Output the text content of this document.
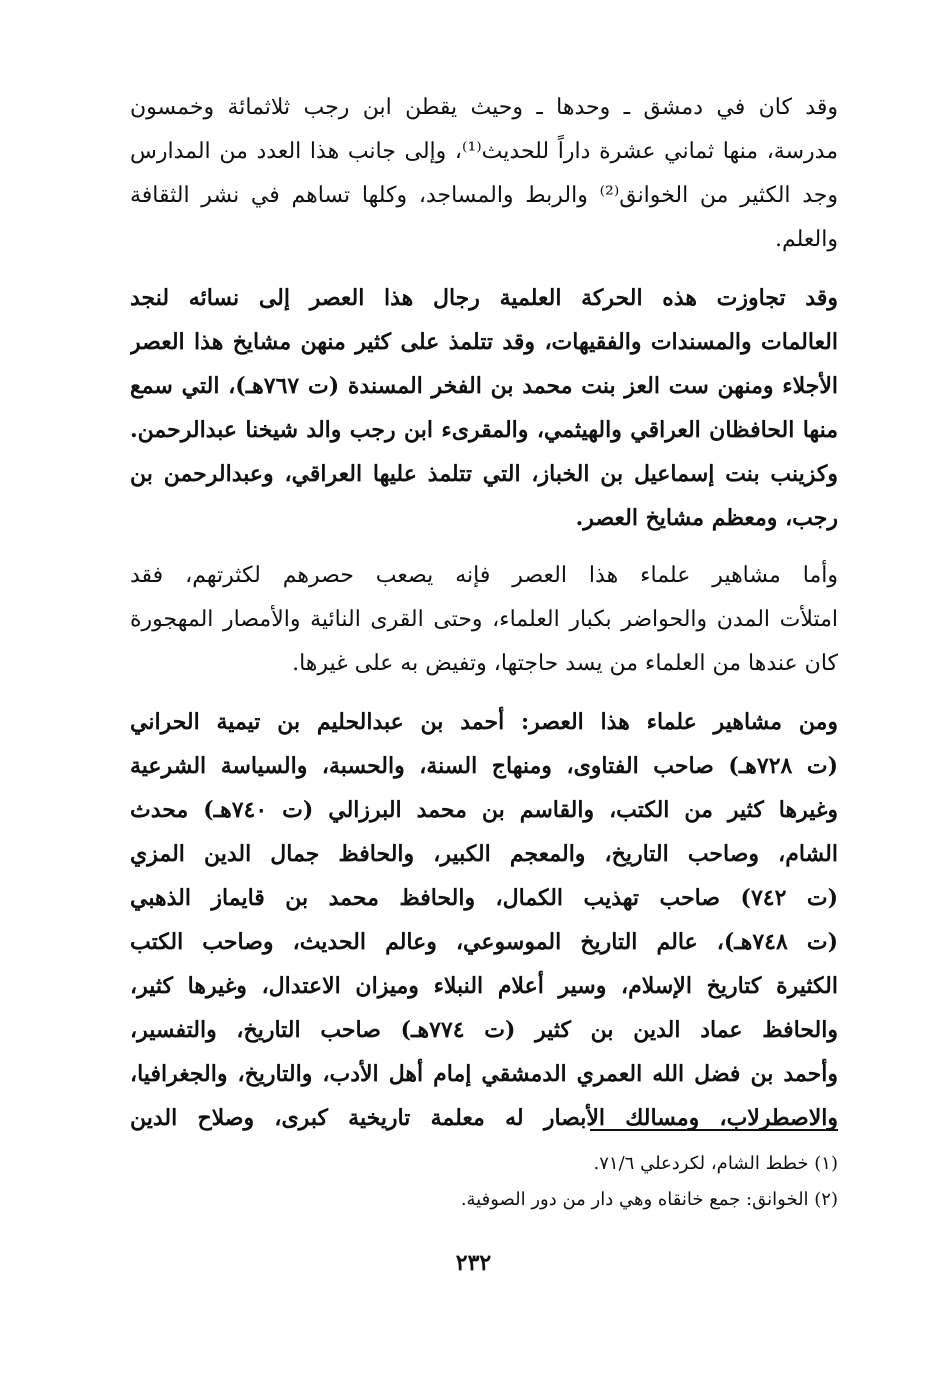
وقد كان في دمشق ـ وحدها ـ وحيث يقطن ابن رجب ثلاثمائة وخمسون
مدرسة، منها ثماني عشرة داراً للحديث⁽¹⁾، وإلى جانب هذا العدد من المدارس
وجد الكثير من الخوانق⁽²⁾ والربط والمساجد، وكلها تساهم في نشر الثقافة
والعلم.
وقد تجاوزت هذه الحركة العلمية رجال هذا العصر إلى نسائه لنجد
العالمات والمسندات والفقيهات، وقد تتلمذ على كثير منهن مشايخ هذا العصر
الأجلاء ومنهن ست العز بنت محمد بن الفخر المسندة (ت ٧٦٧هـ)، التي سمع
منها الحافظان العراقي والهيثمي، والمقرىء ابن رجب والد شيخنا عبدالرحمن.
وكزينب بنت إسماعيل بن الخباز، التي تتلمذ عليها العراقي، وعبدالرحمن بن
رجب، ومعظم مشايخ العصر.
وأما مشاهير علماء هذا العصر فإنه يصعب حصرهم لكثرتهم، فقد
امتلأت المدن والحواضر بكبار العلماء، وحتى القرى النائية والأمصار المهجورة
كان عندها من العلماء من يسد حاجتها، وتفيض به على غيرها.
ومن مشاهير علماء هذا العصر: أحمد بن عبدالحليم بن تيمية الحراني
(ت ٧٢٨هـ) صاحب الفتاوى، ومنهاج السنة، والحسبة، والسياسة الشرعية
وغيرها كثير من الكتب، والقاسم بن محمد البرزالي (ت ٧٤٠هـ) محدث
الشام، وصاحب التاريخ، والمعجم الكبير، والحافظ جمال الدين المزي
(ت ٧٤٢) صاحب تهذيب الكمال، والحافظ محمد بن قايماز الذهبي
(ت ٧٤٨هـ)، عالم التاريخ الموسوعي، وعالم الحديث، وصاحب الكتب
الكثيرة كتاريخ الإسلام، وسير أعلام النبلاء وميزان الاعتدال، وغيرها كثير،
والحافظ عماد الدين بن كثير (ت ٧٧٤هـ) صاحب التاريخ، والتفسير،
وأحمد بن فضل الله العمري الدمشقي إمام أهل الأدب، والتاريخ، والجغرافيا،
والاصطرلاب، ومسالك الأبصار له معلمة تاريخية كبرى، وصلاح الدين
(١) خطط الشام، لكردعلي ٧١/٦.
(٢) الخوانق: جمع خانقاه وهي دار من دور الصوفية.
٢٣٢
